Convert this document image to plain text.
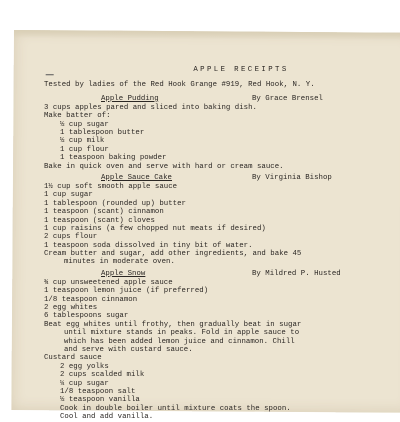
APPLE RECEIPTS
Tested by ladies of the Red Hook Grange #919, Red Hook, N. Y.
Apple Pudding	By Grace Brensel
3 cups apples pared and sliced into baking dish.
Make batter of:
½ cup sugar
1 tablespoon butter
½ cup milk
1 cup flour
1 teaspoon baking powder
Bake in quick oven and serve with hard or cream sauce.
Apple Sauce Cake	By Virginia Bishop
1½ cup soft smooth apple sauce
1 cup sugar
1 tablespoon (rounded up) butter
1 teaspoon (scant) cinnamon
1 teaspoon (scant) cloves
1 cup raisins (a few chopped nut meats if desired)
2 cups flour
1 teaspoon soda dissolved in tiny bit of water.
Cream butter and sugar, add other ingredients, and bake 45
minutes in moderate oven.
Apple Snow	By Mildred P. Husted
¾ cup unsweetened apple sauce
1 teaspoon lemon juice (if preferred)
1/8 teaspoon cinnamon
2 egg whites
6 tablespoons sugar
Beat egg whites until frothy, then gradually beat in sugar
until mixture stands in peaks. Fold in apple sauce to
which has been added lemon juice and cinnamon. Chill
and serve with custard sauce.
Custard sauce
2 egg yolks
2 cups scalded milk
¼ cup sugar
1/8 teaspoon salt
½ teaspoon vanilla
Cook in double boiler until mixture coats the spoon.
Cool and add vanilla.
